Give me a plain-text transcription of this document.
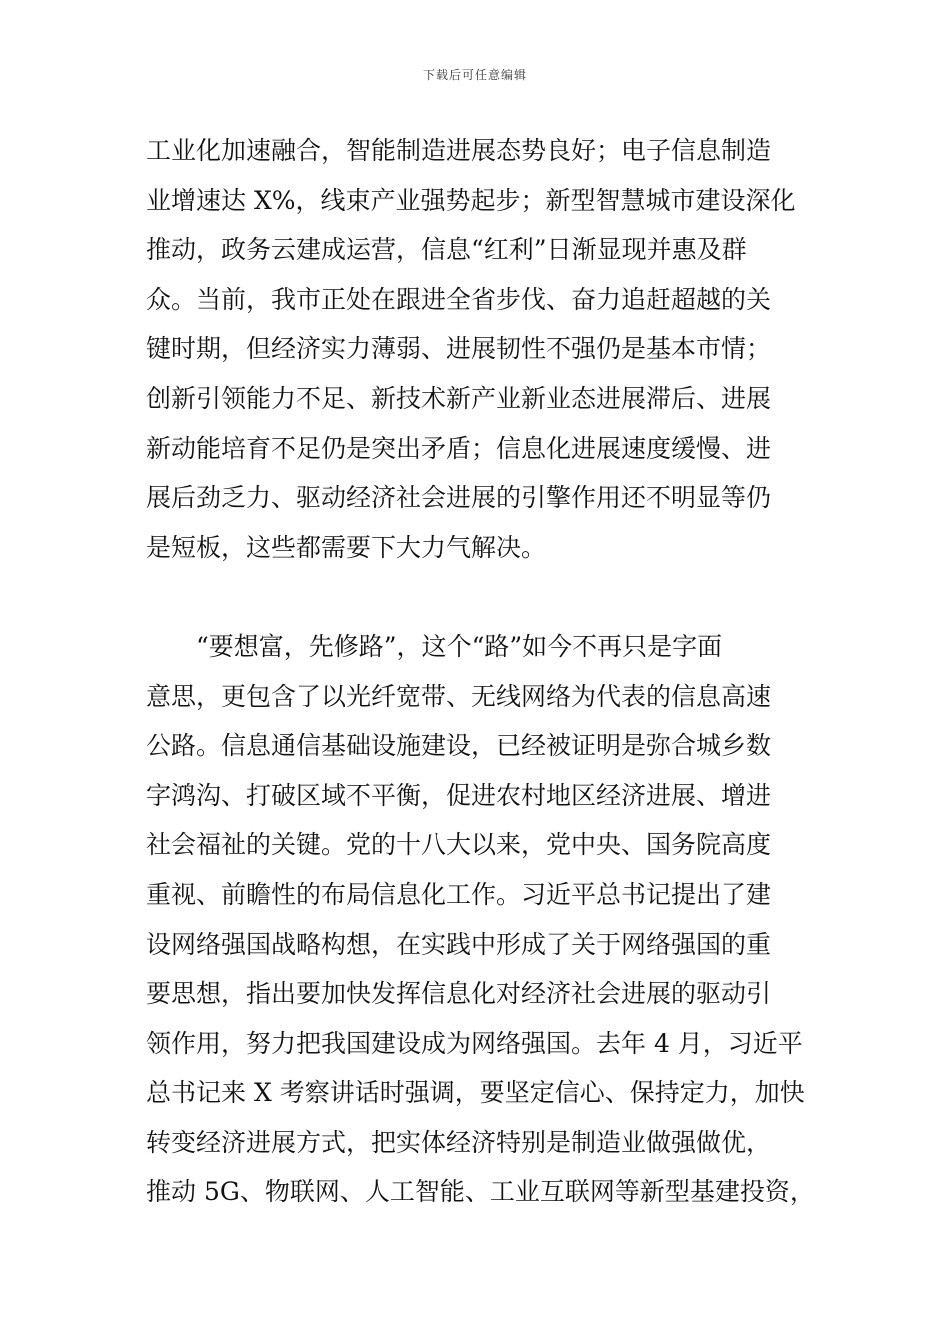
下载后可任意编辑
工业化加速融合，智能制造进展态势良好；电子信息制造
业增速达 X%，线束产业强势起步；新型智慧城市建设深化
推动，政务云建成运营，信息“红利”日渐显现并惠及群
众。当前，我市正处在跟进全省步伐、奋力追赶超越的关
键时期，但经济实力薄弱、进展韧性不强仍是基本市情；
创新引领能力不足、新技术新产业新业态进展滞后、进展
新动能培育不足仍是突出矛盾；信息化进展速度缓慢、进
展后劲乏力、驱动经济社会进展的引擎作用还不明显等仍
是短板，这些都需要下大力气解决。
　　“要想富，先修路”，这个“路”如今不再只是字面
意思，更包含了以光纤宽带、无线网络为代表的信息高速
公路。信息通信基础设施建设，已经被证明是弥合城乡数
字鸿沟、打破区域不平衡，促进农村地区经济进展、增进
社会福祉的关键。党的十八大以来，党中央、国务院高度
重视、前瞻性的布局信息化工作。习近平总书记提出了建
设网络强国战略构想，在实践中形成了关于网络强国的重
要思想，指出要加快发挥信息化对经济社会进展的驱动引
领作用，努力把我国建设成为网络强国。去年 4 月，习近平
总书记来 X 考察讲话时强调，要坚定信心、保持定力，加快
转变经济进展方式，把实体经济特别是制造业做强做优，
推动 5G、物联网、人工智能、工业互联网等新型基建投资，
